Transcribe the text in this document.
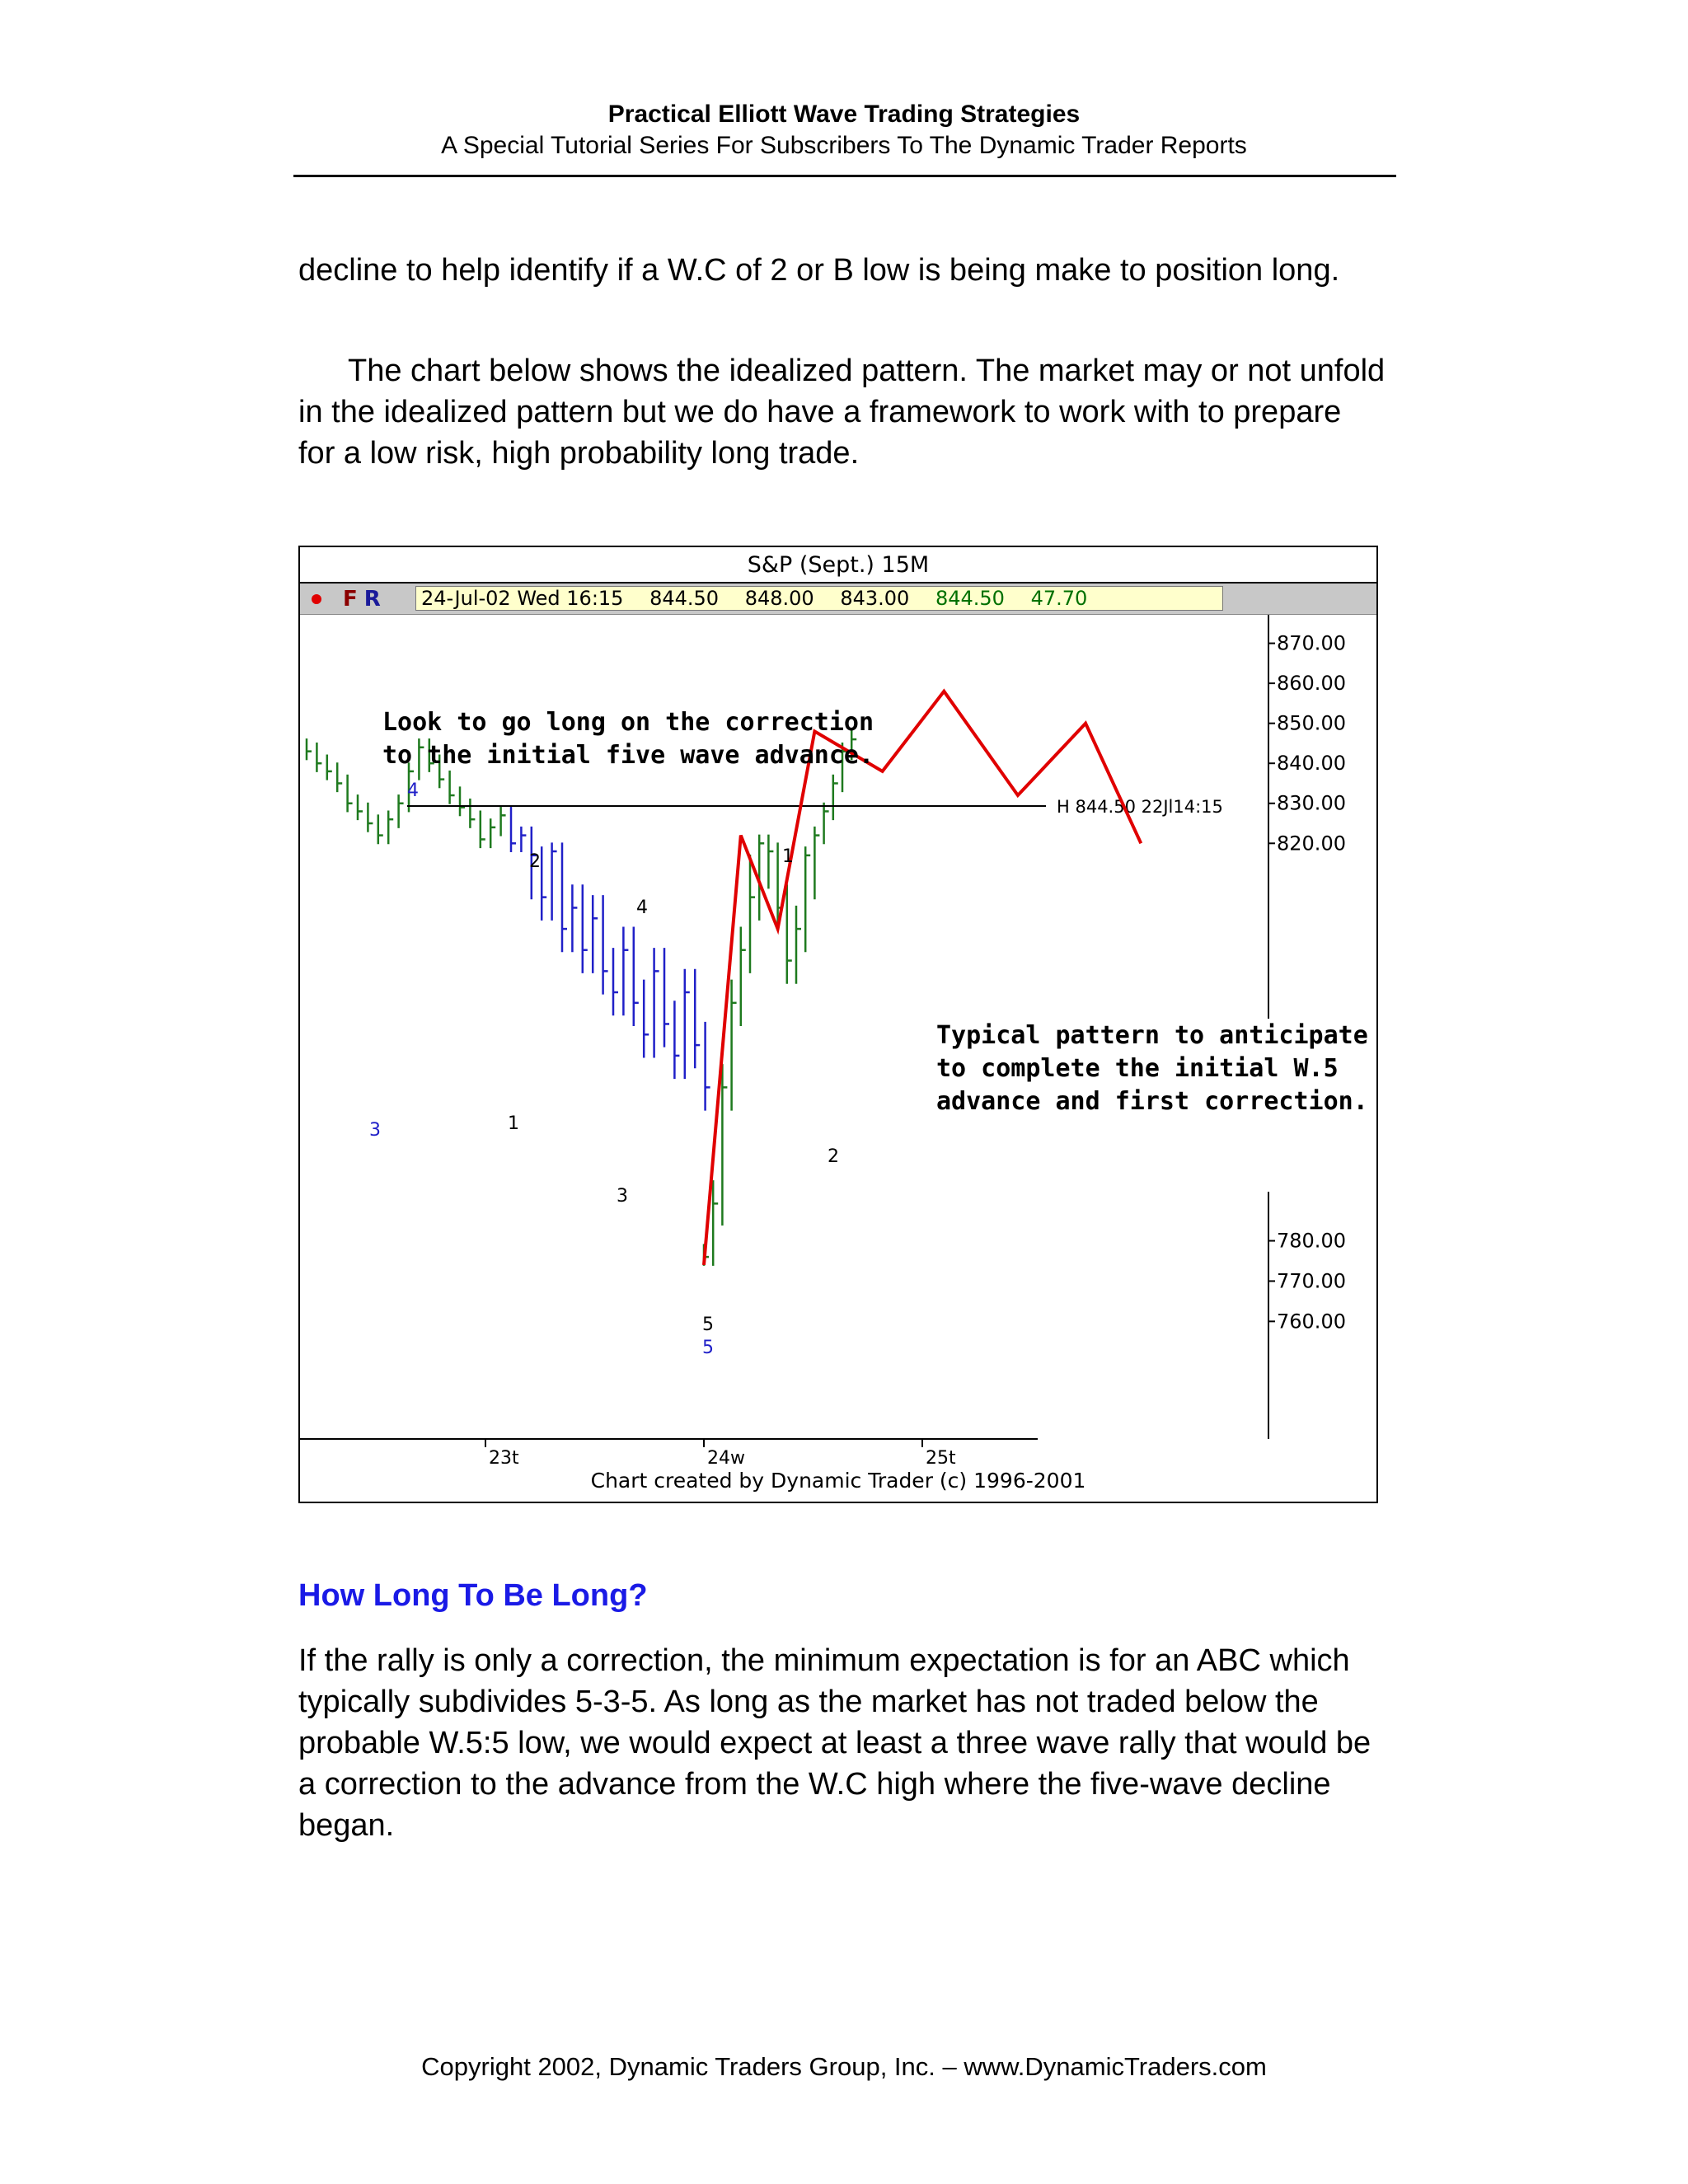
Practical Elliott Wave Trading Strategies
A Special Tutorial Series For Subscribers To The Dynamic Trader Reports

decline to help identify if a W.C of 2 or B low is being make to position long.

The chart below shows the idealized pattern. The market may or not unfold in the idealized pattern but we do have a framework to work with to prepare for a low risk, high probability long trade.

S&P (Sept.) 15M
F R 24-Jul-02 Wed 16:15 844.50 848.00 843.00 844.50 47.70
H 844.50 22Jl14:15
Look to go long on the correction
to the initial five wave advance.
Typical pattern to anticipate
to complete the initial W.5
advance and first correction.
4
3
2
1
4
3
5
5
1
2
870.00
860.00
850.00
840.00
830.00
820.00
780.00
770.00
760.00
23t	24w	25t
Chart created by Dynamic Trader (c) 1996-2001
How Long To Be Long?

If the rally is only a correction, the minimum expectation is for an ABC which typically subdivides 5-3-5. As long as the market has not traded below the probable W.5:5 low, we would expect at least a three wave rally that would be a correction to the advance from the W.C high where the five-wave decline began.

Copyright 2002, Dynamic Traders Group, Inc. – www.DynamicTraders.com
